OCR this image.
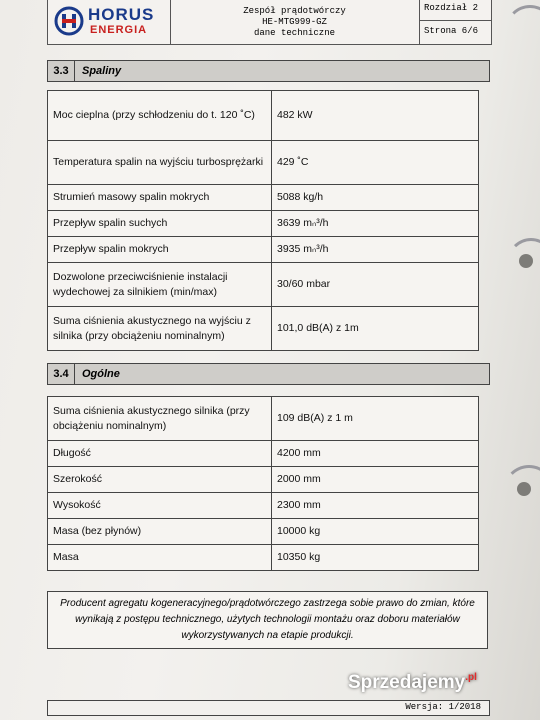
HORUS
ENERGIA
Zespół prądotwórczy
HE-MTG999-GZ
dane techniczne
Rozdział 2
Strona 6/6
3.3	Spaliny
Moc cieplna (przy schłodzeniu do t. 120 ˚C)	482 kW
Temperatura spalin na wyjściu turbosprężarki	429 ˚C
Strumień masowy spalin mokrych	5088 kg/h
Przepływ spalin suchych	3639 mₙ³/h
Przepływ spalin mokrych	3935 mₙ³/h
Dozwolone przeciwciśnienie instalacji wydechowej za silnikiem (min/max)	30/60 mbar
Suma ciśnienia akustycznego na wyjściu z silnika (przy obciążeniu nominalnym)	101,0 dB(A) z 1m
3.4	Ogólne
Suma ciśnienia akustycznego silnika (przy obciążeniu nominalnym)	109 dB(A) z 1 m
Długość	4200 mm
Szerokość	2000 mm
Wysokość	2300 mm
Masa (bez płynów)	10000 kg
Masa	10350 kg
Producent agregatu kogeneracyjnego/prądotwórczego zastrzega sobie prawo do zmian, które wynikają z postępu technicznego, użytych technologii montażu oraz doboru materiałów wykorzystywanych na etapie produkcji.
Wersja: 1/2018
Sprzedajemy$^{.pl}$
